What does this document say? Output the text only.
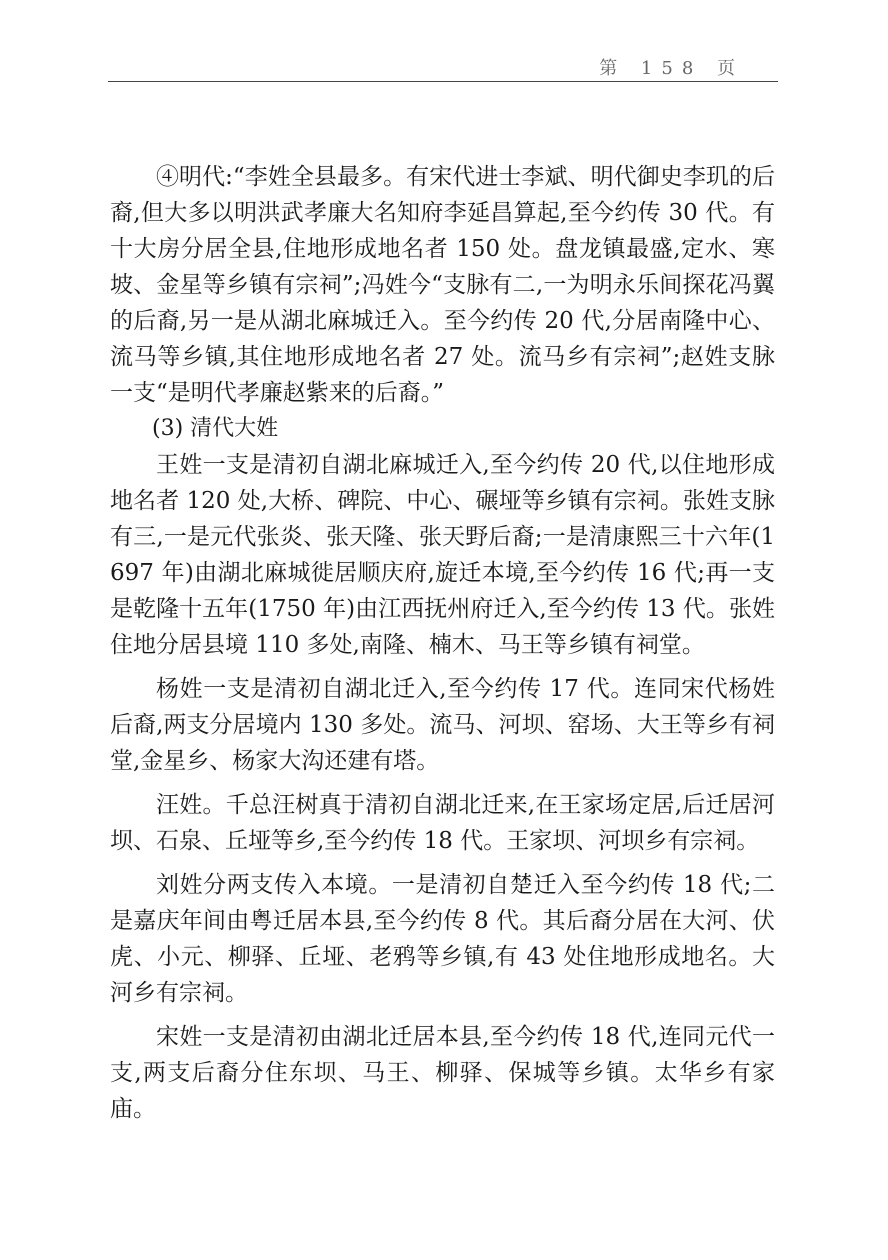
第 158 页

④明代:“李姓全县最多。有宋代进士李斌、明代御史李玑的后裔,但大多以明洪武孝廉大名知府李延昌算起,至今约传 30 代。有十大房分居全县,住地形成地名者 150 处。盘龙镇最盛,定水、寒坡、金星等乡镇有宗祠”;冯姓今“支脉有二,一为明永乐间探花冯翼的后裔,另一是从湖北麻城迁入。至今约传 20 代,分居南隆中心、流马等乡镇,其住地形成地名者 27 处。流马乡有宗祠”;赵姓支脉一支“是明代孝廉赵紫来的后裔。”

(3) 清代大姓

王姓一支是清初自湖北麻城迁入,至今约传 20 代,以住地形成地名者 120 处,大桥、碑院、中心、碾垭等乡镇有宗祠。张姓支脉有三,一是元代张炎、张天隆、张天野后裔;一是清康熙三十六年(1697 年)由湖北麻城徙居顺庆府,旋迁本境,至今约传 16 代;再一支是乾隆十五年(1750 年)由江西抚州府迁入,至今约传 13 代。张姓住地分居县境 110 多处,南隆、楠木、马王等乡镇有祠堂。

杨姓一支是清初自湖北迁入,至今约传 17 代。连同宋代杨姓后裔,两支分居境内 130 多处。流马、河坝、窑场、大王等乡有祠堂,金星乡、杨家大沟还建有塔。

汪姓。千总汪树真于清初自湖北迁来,在王家场定居,后迁居河坝、石泉、丘垭等乡,至今约传 18 代。王家坝、河坝乡有宗祠。

刘姓分两支传入本境。一是清初自楚迁入至今约传 18 代;二是嘉庆年间由粤迁居本县,至今约传 8 代。其后裔分居在大河、伏虎、小元、柳驿、丘垭、老鸦等乡镇,有 43 处住地形成地名。大河乡有宗祠。

宋姓一支是清初由湖北迁居本县,至今约传 18 代,连同元代一支,两支后裔分住东坝、马王、柳驿、保城等乡镇。太华乡有家庙。
